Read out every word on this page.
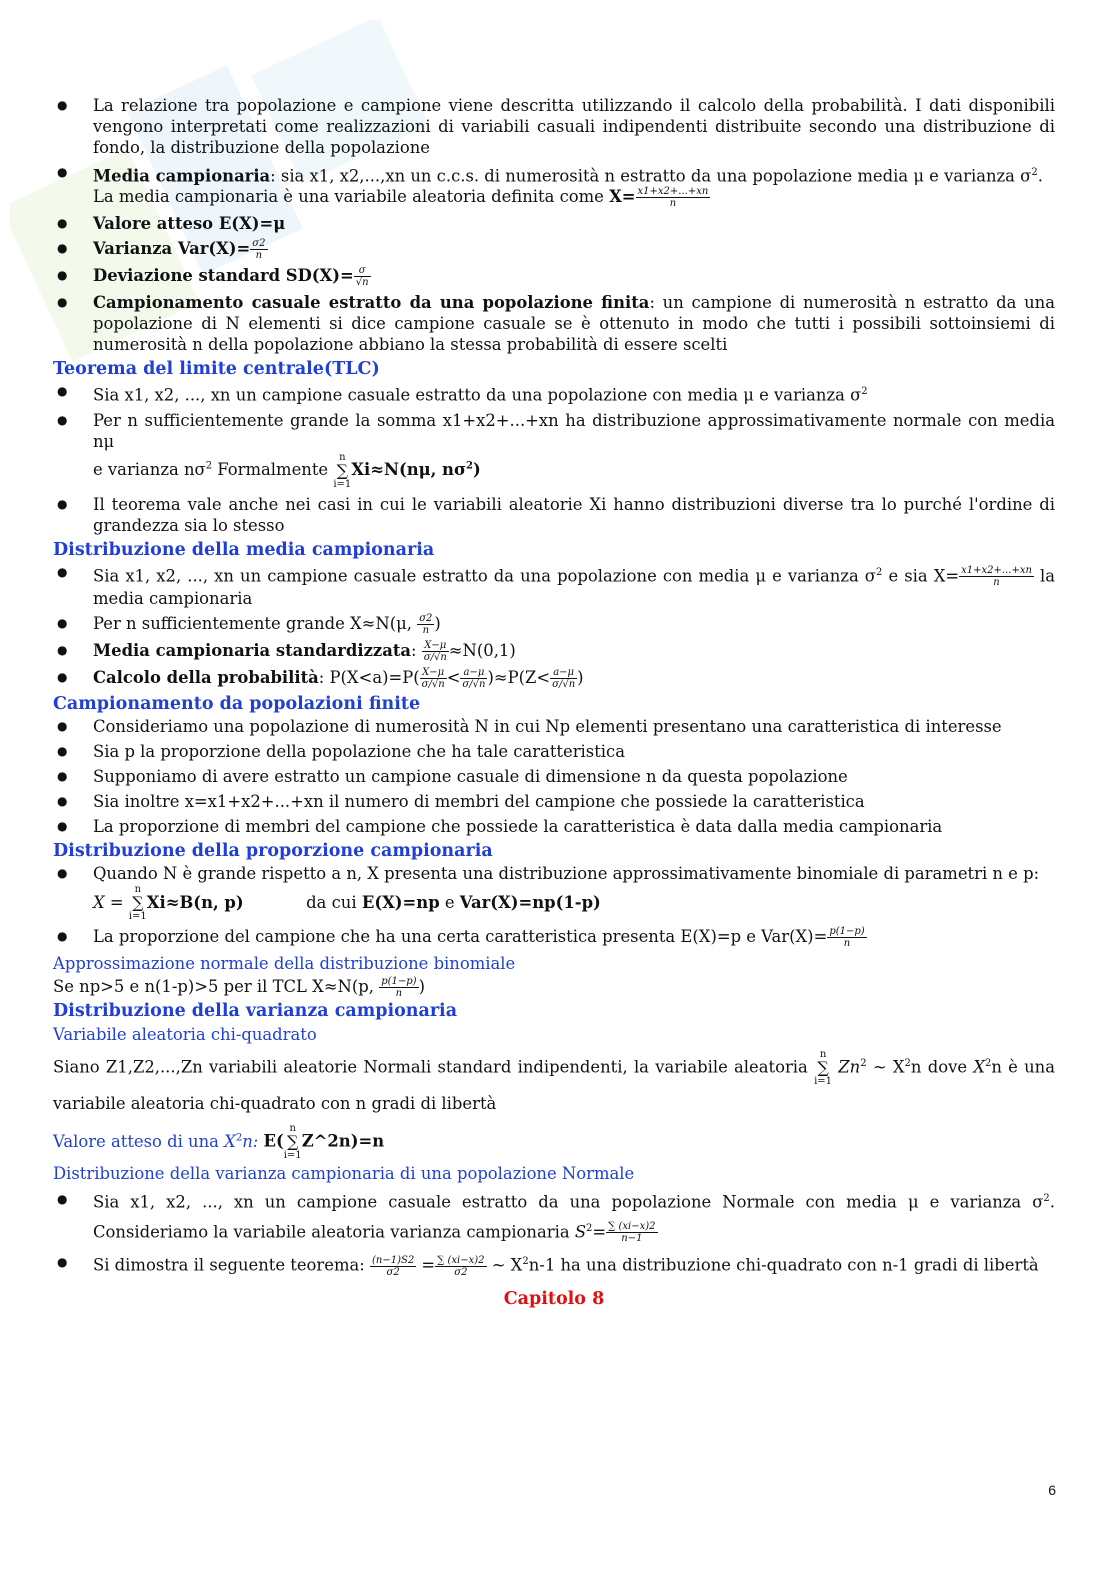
● La relazione tra popolazione e campione viene descritta utilizzando il calcolo della probabilità. I dati disponibili vengono interpretati come realizzazioni di variabili casuali indipendenti distribuite secondo una distribuzione di fondo, la distribuzione della popolazione
● Media campionaria: sia x1, x2,...,xn un c.c.s. di numerosità n estratto da una popolazione media μ e varianza $\sigma^2$.
La media campionaria è una variabile aleatoria definita come $X= \frac{x1+x2+...+xn}{n}$
● Valore atteso E(X)=μ
● Varianza $Var(X)= \frac{\sigma 2}{n}$
● Deviazione standard $SD(X)= \frac{\sigma}{√n}$
● Campionamento casuale estratto da una popolazione finita: un campione di numerosità n estratto da una popolazione di N elementi si dice campione casuale se è ottenuto in modo che tutti i possibili sottoinsiemi di numerosità n della popolazione abbiano la stessa probabilità di essere scelti
Teorema del limite centrale(TLC)
● Sia x1, x2, ..., xn un campione casuale estratto da una popolazione con media μ e varianza $\sigma^2$
● Per n sufficientemente grande la somma x1+x2+...+xn ha distribuzione approssimativamente normale con media nμ
e varianza $n\sigma^2$ Formalmente n
∑
i=1Xi≈N(nμ, $n\sigma^2$)
● Il teorema vale anche nei casi in cui le variabili aleatorie Xi hanno distribuzioni diverse tra lo purché l'ordine di grandezza sia lo stesso
Distribuzione della media campionaria
● Sia x1, x2, ..., xn un campione casuale estratto da una popolazione con media μ e varianza $\sigma^2$ e sia $X= \frac{x1+x2+...+xn}{n}$ la media campionaria
● Per n sufficientemente grande X≈N(μ, $\frac{\sigma 2}{n}$ )
● Media campionaria standardizzata: $\frac{X-\mu}{\sigma/√n} \approx N(0,1)$
● Calcolo della probabilità: $P(X<a)=P( \frac{X-\mu}{\sigma/√n} < \frac{a-\mu}{\sigma/√n} )\approx P(Z< \frac{a-\mu}{\sigma/√n}$ )
Campionamento da popolazioni finite
● Consideriamo una popolazione di numerosità N in cui Np elementi presentano una caratteristica di interesse
● Sia p la proporzione della popolazione che ha tale caratteristica
● Supponiamo di avere estratto un campione casuale di dimensione n da questa popolazione
● Sia inoltre x=x1+x2+...+xn il numero di membri del campione che possiede la caratteristica
● La proporzione di membri del campione che possiede la caratteristica è data dalla media campionaria
Distribuzione della proporzione campionaria
● Quando N è grande rispetto a n, X presenta una distribuzione approssimativamente binomiale di parametri n e p:
X = n
∑
i=1Xi≈B(n, p)	da cui E(X)=np e Var(X)=np(1-p)
● La proporzione del campione che ha una certa caratteristica presenta E(X)=p e $Var(X)= \frac{p(1-p)}{n}$
Approssimazione normale della distribuzione binomiale
Se np>5 e n(1-p)>5 per il TCL X≈N(p, $\frac{p(1-p)}{n}$ )
Distribuzione della varianza campionaria
Variabile aleatoria chi-quadrato
Siano Z1,Z2,...,Zn variabili aleatorie Normali standard indipendenti, la variabile aleatoria n
∑
i=1 Zn$^2$ ~ $X^2n$ dove $X^2n$ è una variabile aleatoria chi-quadrato con n gradi di libertà
Valore atteso di una $X^2n$: E(n
∑
i=1Z^2n)=n
Distribuzione della varianza campionaria di una popolazione Normale
● Sia x1, x2, ..., xn un campione casuale estratto da una popolazione Normale con media μ e varianza $\sigma^2$. Consideriamo la variabile aleatoria varianza campionaria $S^2= \frac{\sum (xi-x)2}{n-1}$
● Si dimostra il seguente teorema: $\frac{(n-1)S2}{\sigma 2} = \frac{\sum (xi-x)2}{\sigma 2}$ ~ $X^2n-1$ ha una distribuzione chi-quadrato con n-1 gradi di libertà
Capitolo 8
6
